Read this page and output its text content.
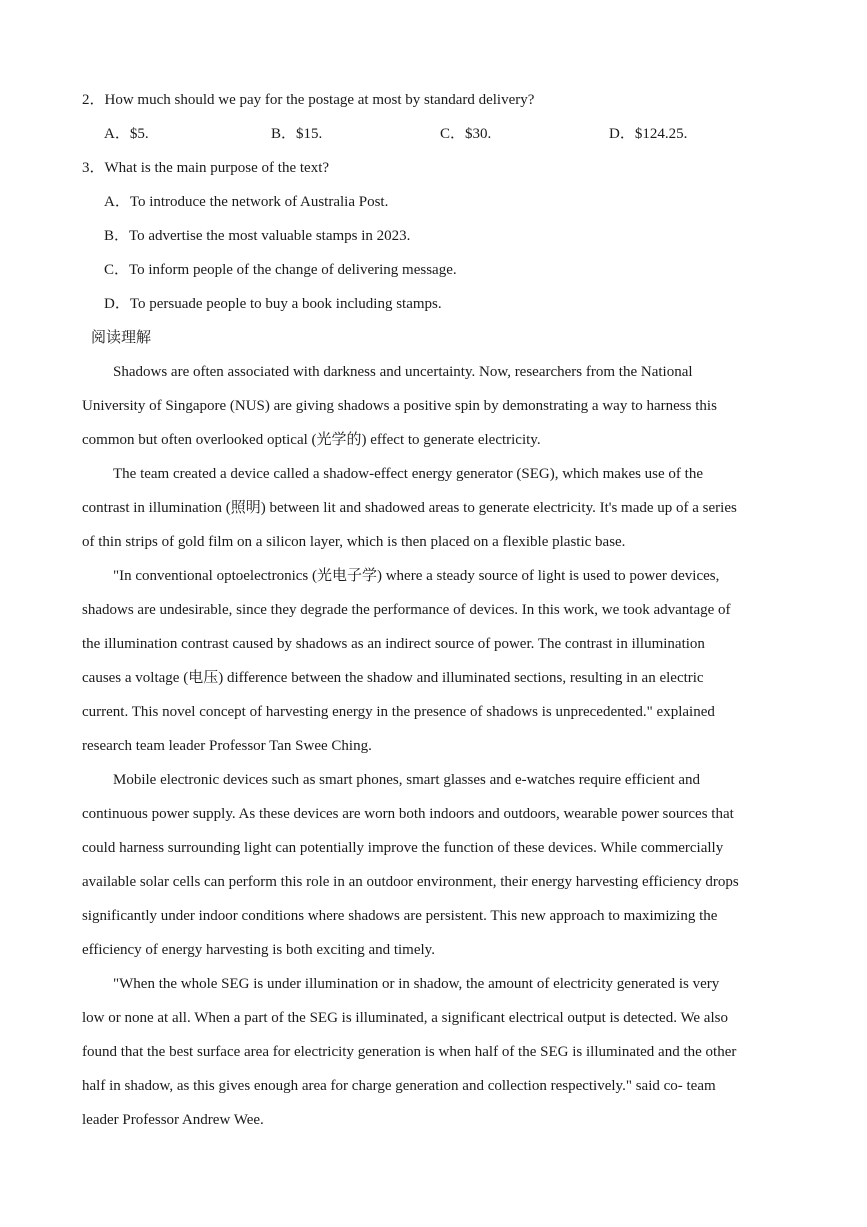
2．How much should we pay for the postage at most by standard delivery?
A．$5.	B．$15.	C．$30.	D．$124.25.
3．What is the main purpose of the text?
A．To introduce the network of Australia Post.
B．To advertise the most valuable stamps in 2023.
C．To inform people of the change of delivering message.
D．To persuade people to buy a book including stamps.
阅读理解
Shadows are often associated with darkness and uncertainty. Now, researchers from the National
University of Singapore (NUS) are giving shadows a positive spin by demonstrating a way to harness this
common but often overlooked optical (光学的) effect to generate electricity.
The team created a device called a shadow-effect energy generator (SEG), which makes use of the
contrast in illumination (照明) between lit and shadowed areas to generate electricity. It's made up of a series
of thin strips of gold film on a silicon layer, which is then placed on a flexible plastic base.
"In conventional optoelectronics (光电子学) where a steady source of light is used to power devices,
shadows are undesirable, since they degrade the performance of devices. In this work, we took advantage of
the illumination contrast caused by shadows as an indirect source of power. The contrast in illumination
causes a voltage (电压) difference between the shadow and illuminated sections, resulting in an electric
current. This novel concept of harvesting energy in the presence of shadows is unprecedented." explained
research team leader Professor Tan Swee Ching.
Mobile electronic devices such as smart phones, smart glasses and e-watches require efficient and
continuous power supply. As these devices are worn both indoors and outdoors, wearable power sources that
could harness surrounding light can potentially improve the function of these devices. While commercially
available solar cells can perform this role in an outdoor environment, their energy harvesting efficiency drops
significantly under indoor conditions where shadows are persistent. This new approach to maximizing the
efficiency of energy harvesting is both exciting and timely.
"When the whole SEG is under illumination or in shadow, the amount of electricity generated is very
low or none at all. When a part of the SEG is illuminated, a significant electrical output is detected. We also
found that the best surface area for electricity generation is when half of the SEG is illuminated and the other
half in shadow, as this gives enough area for charge generation and collection respectively." said co- team
leader Professor Andrew Wee.
